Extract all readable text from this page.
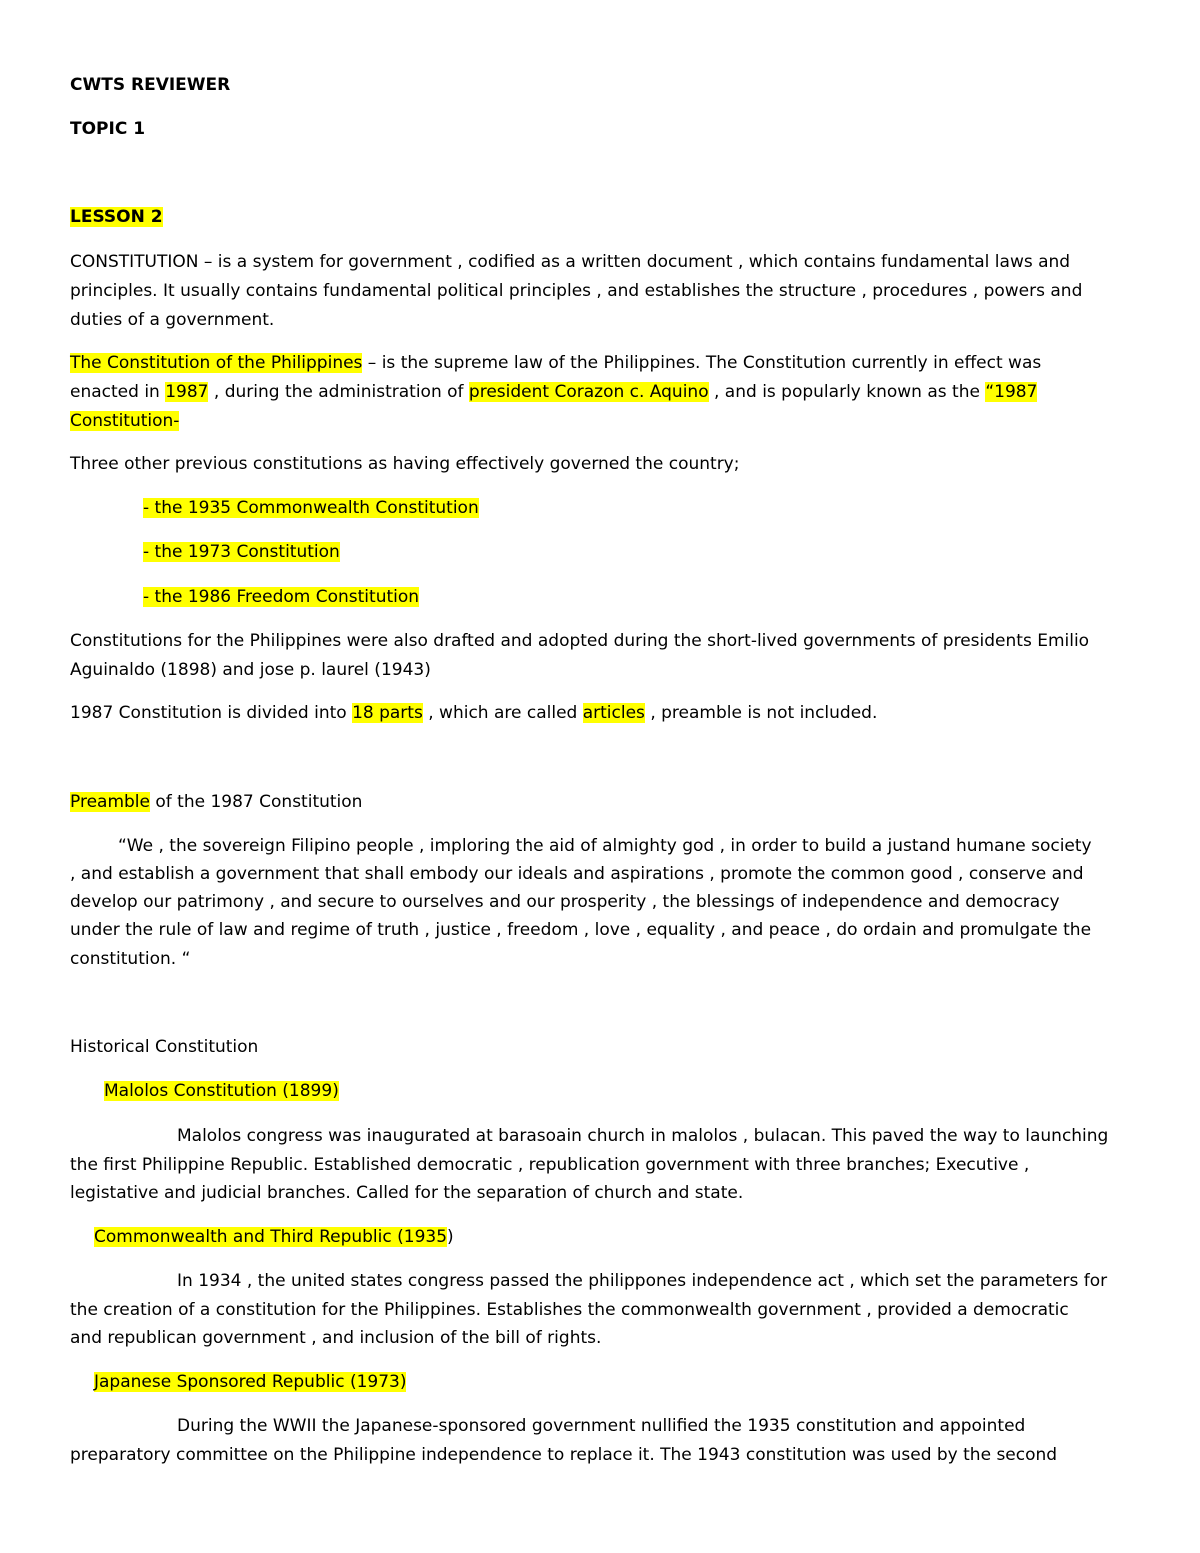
CWTS REVIEWER
TOPIC 1
LESSON 2
CONSTITUTION – is a system for government , codified as a written document , which contains fundamental laws and
principles. It usually contains fundamental political principles , and establishes the structure , procedures , powers and
duties of a government.
The Constitution of the Philippines – is the supreme law of the Philippines. The Constitution currently in effect was
enacted in 1987 , during the administration of president Corazon c. Aquino , and is popularly known as the “1987
Constitution-
Three other previous constitutions as having effectively governed the country;
- the 1935 Commonwealth Constitution
- the 1973 Constitution
- the 1986 Freedom Constitution
Constitutions for the Philippines were also drafted and adopted during the short-lived governments of presidents Emilio
Aguinaldo (1898) and jose p. laurel (1943)
1987 Constitution is divided into 18 parts , which are called articles , preamble is not included.
Preamble of the 1987 Constitution
“We , the sovereign Filipino people , imploring the aid of almighty god , in order to build a justand humane society
, and establish a government that shall embody our ideals and aspirations , promote the common good , conserve and
develop our patrimony , and secure to ourselves and our prosperity , the blessings of independence and democracy
under the rule of law and regime of truth , justice , freedom , love , equality , and peace , do ordain and promulgate the
constitution. “
Historical Constitution
Malolos Constitution (1899)
Malolos congress was inaugurated at barasoain church in malolos , bulacan. This paved the way to launching
the first Philippine Republic. Established democratic , republication government with three branches; Executive ,
legistative and judicial branches. Called for the separation of church and state.
Commonwealth and Third Republic (1935)
In 1934 , the united states congress passed the philippones independence act , which set the parameters for
the creation of a constitution for the Philippines. Establishes the commonwealth government , provided a democratic
and republican government , and inclusion of the bill of rights.
Japanese Sponsored Republic (1973)
During the WWII the Japanese-sponsored government nullified the 1935 constitution and appointed
preparatory committee on the Philippine independence to replace it. The 1943 constitution was used by the second
